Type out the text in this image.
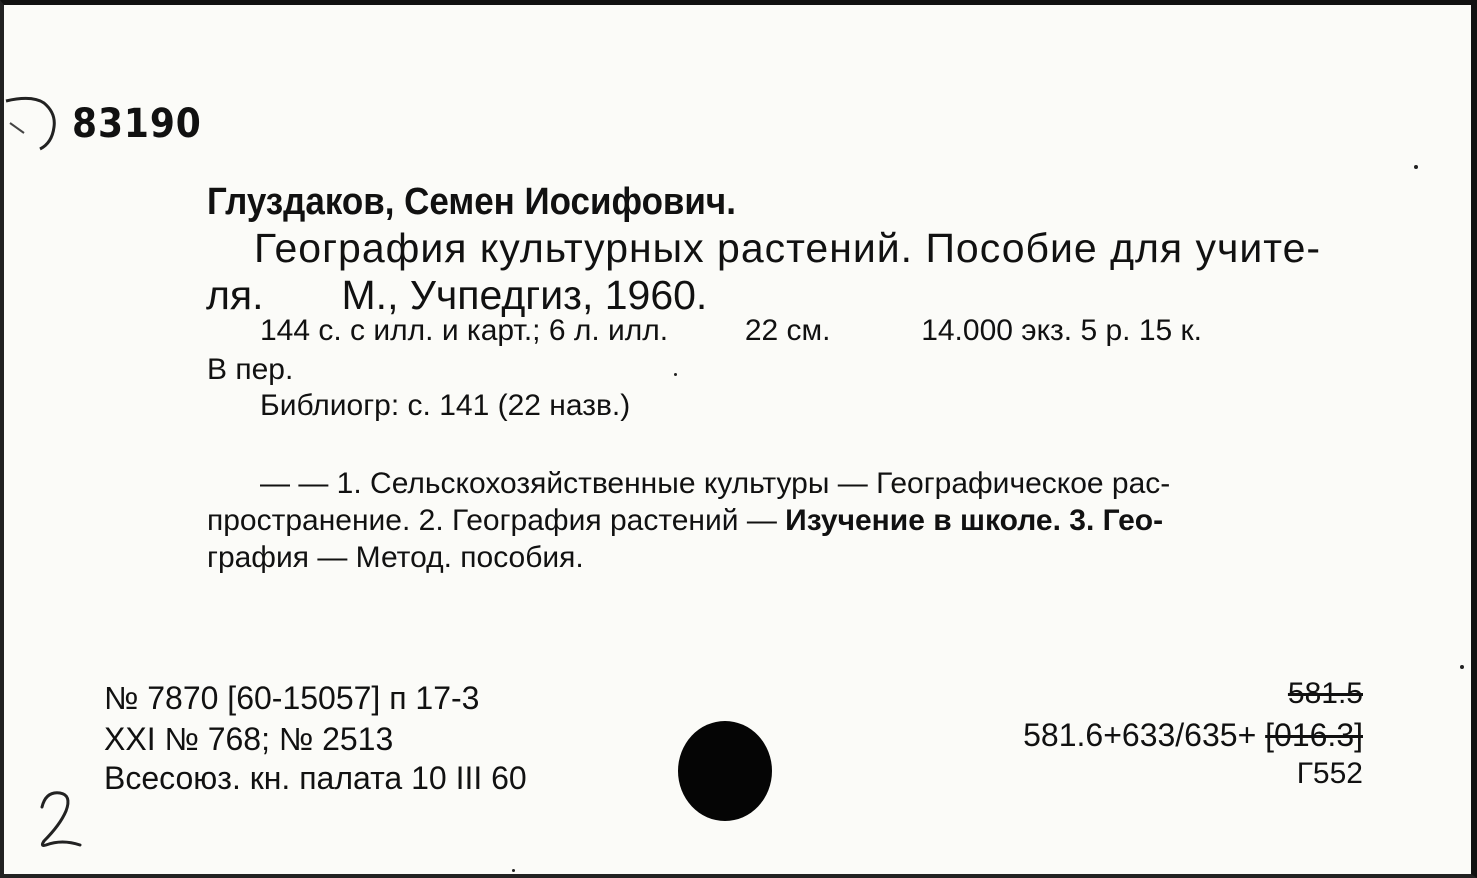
83190
Глуздаков, Семен Иосифович.
География культурных растений. Пособие для учите-
ля. М., Учпедгиз, 1960.
144 с. с илл. и карт.; 6 л. илл.	22 см.	14.000 экз. 5 р. 15 к.
В пер.
Библиогр: с. 141 (22 назв.)
— — 1. Сельскохозяйственные культуры — Географическое рас-
пространение. 2. География растений — Изучение в школе. 3. Гео-
графия — Метод. пособия.
№ 7870 [60-15057] п 17-3
XXI № 768; № 2513
Всесоюз. кн. палата 10 III 60
581.5
581.6+633/635+ [016.3]
Г552
